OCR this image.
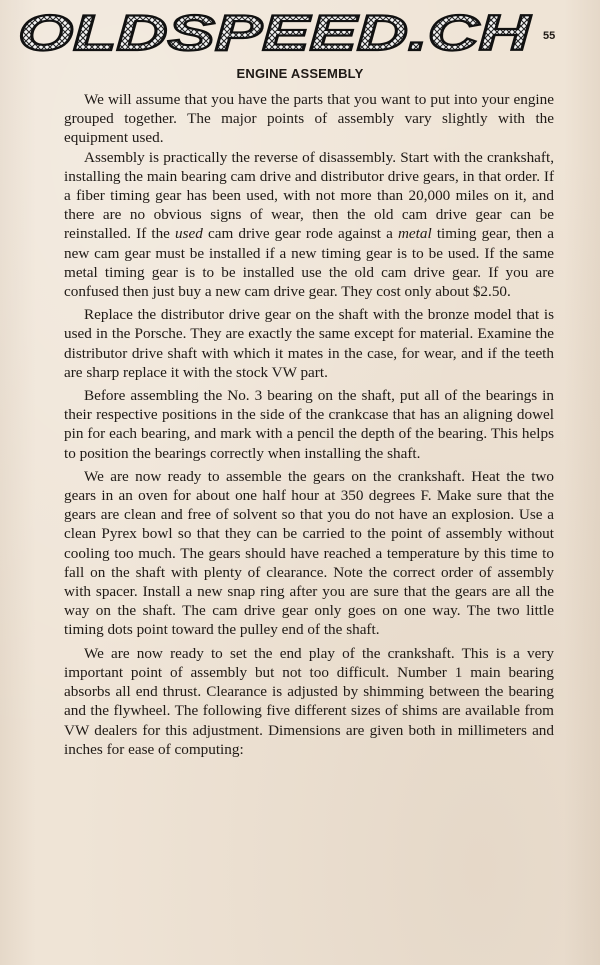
OLDSPEED.CH 55
ENGINE ASSEMBLY

We will assume that you have the parts that you want to put into your engine grouped together. The major points of assembly vary slightly with the equipment used.

Assembly is practically the reverse of disassembly. Start with the crankshaft, installing the main bearing cam drive and distributor drive gears, in that order. If a fiber timing gear has been used, with not more than 20,000 miles on it, and there are no obvious signs of wear, then the old cam drive gear can be reinstalled. If the used cam drive gear rode against a metal timing gear, then a new cam gear must be installed if a new timing gear is to be used. If the same metal timing gear is to be installed use the old cam drive gear. If you are confused then just buy a new cam drive gear. They cost only about $2.50.

Replace the distributor drive gear on the shaft with the bronze model that is used in the Porsche. They are exactly the same except for material. Examine the distributor drive shaft with which it mates in the case, for wear, and if the teeth are sharp replace it with the stock VW part.

Before assembling the No. 3 bearing on the shaft, put all of the bearings in their respective positions in the side of the crankcase that has an aligning dowel pin for each bearing, and mark with a pencil the depth of the bearing. This helps to position the bearings correctly when installing the shaft.

We are now ready to assemble the gears on the crankshaft. Heat the two gears in an oven for about one half hour at 350 degrees F. Make sure that the gears are clean and free of solvent so that you do not have an explosion. Use a clean Pyrex bowl so that they can be carried to the point of assembly without cooling too much. The gears should have reached a temperature by this time to fall on the shaft with plenty of clearance. Note the correct order of assembly with spacer. Install a new snap ring after you are sure that the gears are all the way on the shaft. The cam drive gear only goes on one way. The two little timing dots point toward the pulley end of the shaft.

We are now ready to set the end play of the crankshaft. This is a very important point of assembly but not too difficult. Number 1 main bearing absorbs all end thrust. Clearance is adjusted by shimming between the bearing and the flywheel. The following five different sizes of shims are available from VW dealers for this adjustment. Dimensions are given both in millimeters and inches for ease of computing:
